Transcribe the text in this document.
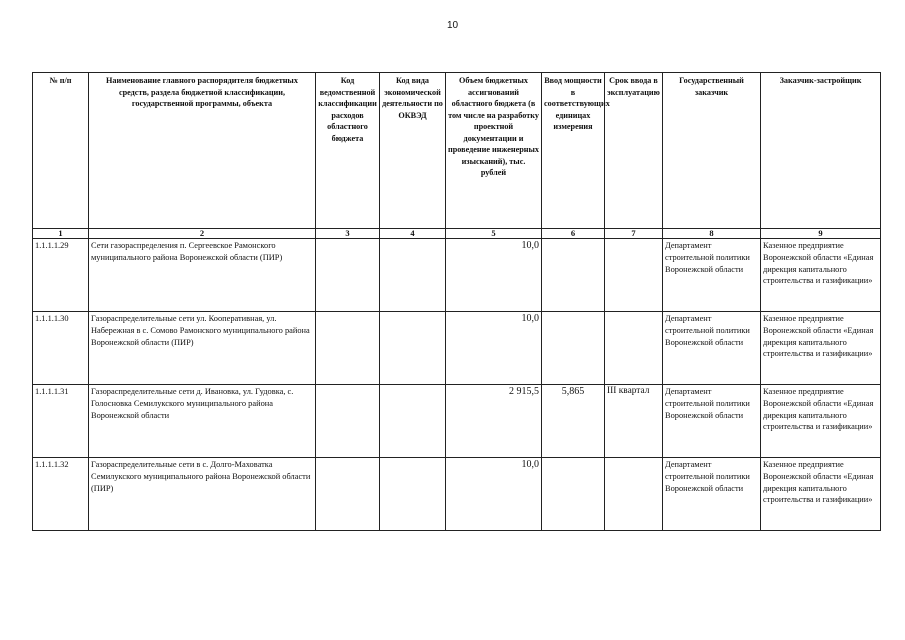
10
№ п/п	Наименование главного распорядителя бюджетных средств, раздела бюджетной классификации, государственной программы, объекта	Код ведомственной классификации расходов областного бюджета	Код вида экономической деятельности по ОКВЭД	Объем бюджетных ассигнований областного бюджета (в том числе на разработку проектной документации и проведение инженерных изысканий), тыс. рублей	Ввод мощности в соответствующих единицах измерения	Срок ввода в эксплуатацию	Государственный заказчик	Заказчик-застройщик
1	2	3	4	5	6	7	8	9
1.1.1.1.29	Сети газораспределения п. Сергеевское Рамонского муниципального района Воронежской области (ПИР)			10,0			Департамент строительной политики Воронежской области	Казенное предприятие Воронежской области «Единая дирекция капитального строительства и газификации»
1.1.1.1.30	Газораспределительные сети ул. Кооперативная, ул. Набережная в с. Сомово Рамонского муниципального района Воронежской области (ПИР)			10,0			Департамент строительной политики Воронежской области	Казенное предприятие Воронежской области «Единая дирекция капитального строительства и газификации»
1.1.1.1.31	Газораспределительные сети д. Ивановка, ул. Гудовка, с. Голосновка Семилукского муниципального района Воронежской области			2 915,5	5,865	III квартал	Департамент строительной политики Воронежской области	Казенное предприятие Воронежской области «Единая дирекция капитального строительства и газификации»
1.1.1.1.32	Газораспределительные сети в с. Долго-Маховатка Семилукского муниципального района Воронежской области (ПИР)			10,0			Департамент строительной политики Воронежской области	Казенное предприятие Воронежской области «Единая дирекция капитального строительства и газификации»
